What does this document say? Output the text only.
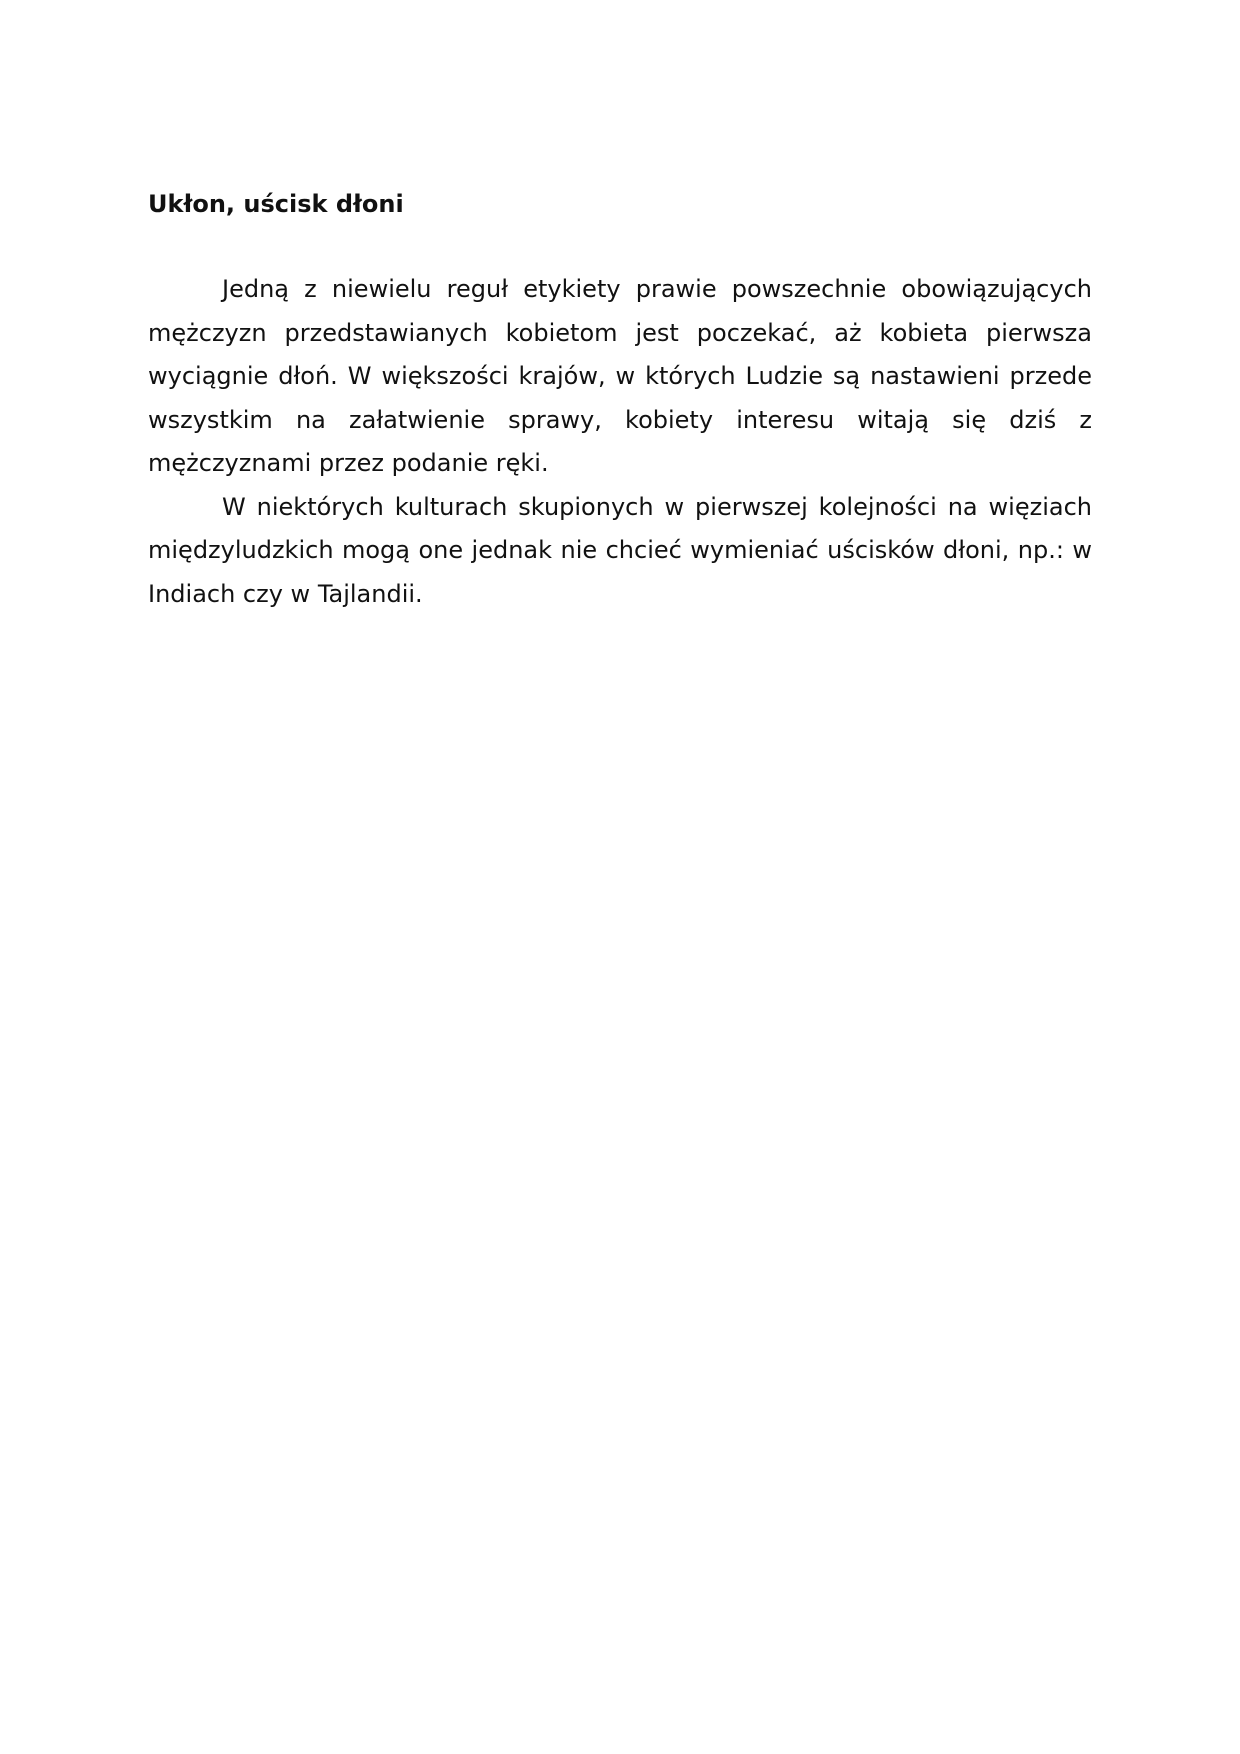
Ukłon, uścisk dłoni

Jedną z niewielu reguł etykiety prawie powszechnie obowiązujących mężczyzn przedstawianych kobietom jest poczekać, aż kobieta pierwsza wyciągnie dłoń. W większości krajów, w których Ludzie są nastawieni przede wszystkim na załatwienie sprawy, kobiety interesu witają się dziś z mężczyznami przez podanie ręki.

W niektórych kulturach skupionych w pierwszej kolejności na więziach międzyludzkich mogą one jednak nie chcieć wymieniać uścisków dłoni, np.: w Indiach czy w Tajlandii.
